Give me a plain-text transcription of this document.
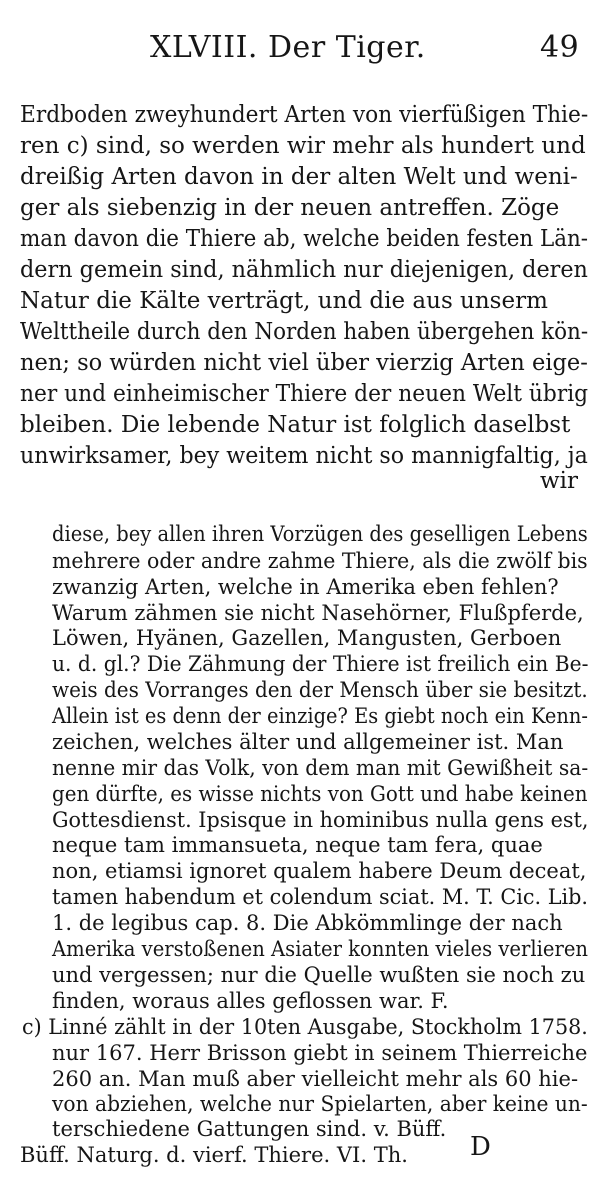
XLVIII. Der Tiger.	49
Erdboden zweyhundert Arten von vierfüßigen Thie-
ren c) sind, so werden wir mehr als hundert und
dreißig Arten davon in der alten Welt und weni-
ger als siebenzig in der neuen antreffen. Zöge
man davon die Thiere ab, welche beiden festen Län-
dern gemein sind, nähmlich nur diejenigen, deren
Natur die Kälte verträgt, und die aus unserm
Welttheile durch den Norden haben übergehen kön-
nen; so würden nicht viel über vierzig Arten eige-
ner und einheimischer Thiere der neuen Welt übrig
bleiben. Die lebende Natur ist folglich daselbst
unwirksamer, bey weitem nicht so mannigfaltig, ja
wir
diese, bey allen ihren Vorzügen des geselligen Lebens
mehrere oder andre zahme Thiere, als die zwölf bis
zwanzig Arten, welche in Amerika eben fehlen?
Warum zähmen sie nicht Nasehörner, Flußpferde,
Löwen, Hyänen, Gazellen, Mangusten, Gerboen
u. d. gl.? Die Zähmung der Thiere ist freilich ein Be-
weis des Vorranges den der Mensch über sie besitzt.
Allein ist es denn der einzige? Es giebt noch ein Kenn-
zeichen, welches älter und allgemeiner ist. Man
nenne mir das Volk, von dem man mit Gewißheit sa-
gen dürfte, es wisse nichts von Gott und habe keinen
Gottesdienst. Ipsisque in hominibus nulla gens est,
neque tam immansueta, neque tam fera, quae
non, etiamsi ignoret qualem habere Deum deceat,
tamen habendum et colendum sciat. M. T. Cic. Lib.
1. de legibus cap. 8. Die Abkömmlinge der nach
Amerika verstoßenen Asiater konnten vieles verlieren
und vergessen; nur die Quelle wußten sie noch zu
finden, woraus alles geflossen war. F.
c) Linné zählt in der 10ten Ausgabe, Stockholm 1758.
nur 167. Herr Brisson giebt in seinem Thierreiche
260 an. Man muß aber vielleicht mehr als 60 hie-
von abziehen, welche nur Spielarten, aber keine un-
terschiedene Gattungen sind. v. Büff.
Büff. Naturg. d. vierf. Thiere. VI. Th. D
